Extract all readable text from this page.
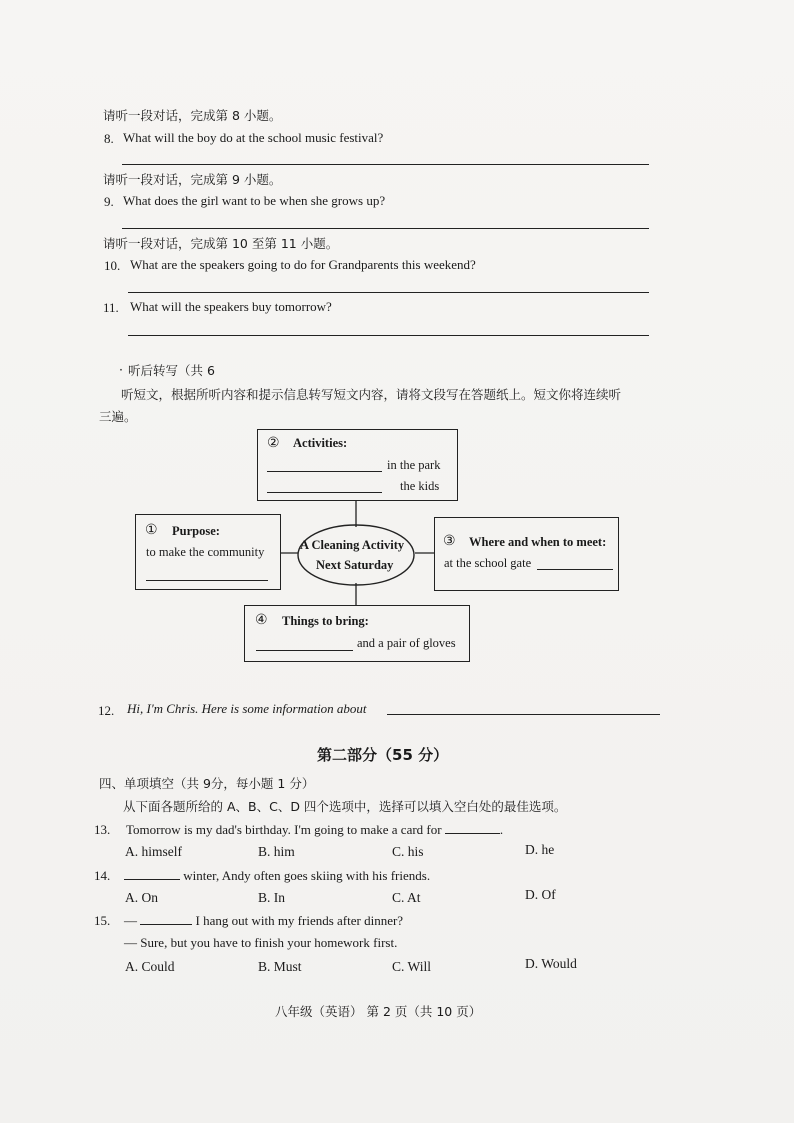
请听一段对话，完成第 8 小题。
8. What will the boy do at the school music festival?
请听一段对话，完成第 9 小题。
9. What does the girl want to be when she grows up?
请听一段对话，完成第 10 至第 11 小题。
10. What are the speakers going to do for Grandparents this weekend?
11. What will the speakers buy tomorrow?
· 听后转写（共 6
听短文，根据所听内容和提示信息转写短文内容，请将文段写在答题纸上。短文你将连续听
三遍。
A Cleaning Activity
Next Saturday
② Activities:
in the park
the kids
① Purpose:
to make the community
③ Where and when to meet:
at the school gate
④ Things to bring:
and a pair of gloves
12. Hi, I'm Chris. Here is some information about
第二部分（55 分）
四、单项填空（共 9分，每小题 1 分）
从下面各题所给的 A、B、C、D 四个选项中，选择可以填入空白处的最佳选项。
13. Tomorrow is my dad's birthday. I'm going to make a card for	.
A. himself	B. him	C. his	D. he
14.	winter, Andy often goes skiing with his friends.
A. On	B. In	C. At	D. Of
15. —	I hang out with my friends after dinner?
— Sure, but you have to finish your homework first.
A. Could	B. Must	C. Will	D. Would
八年级（英语） 第 2 页（共 10 页）
